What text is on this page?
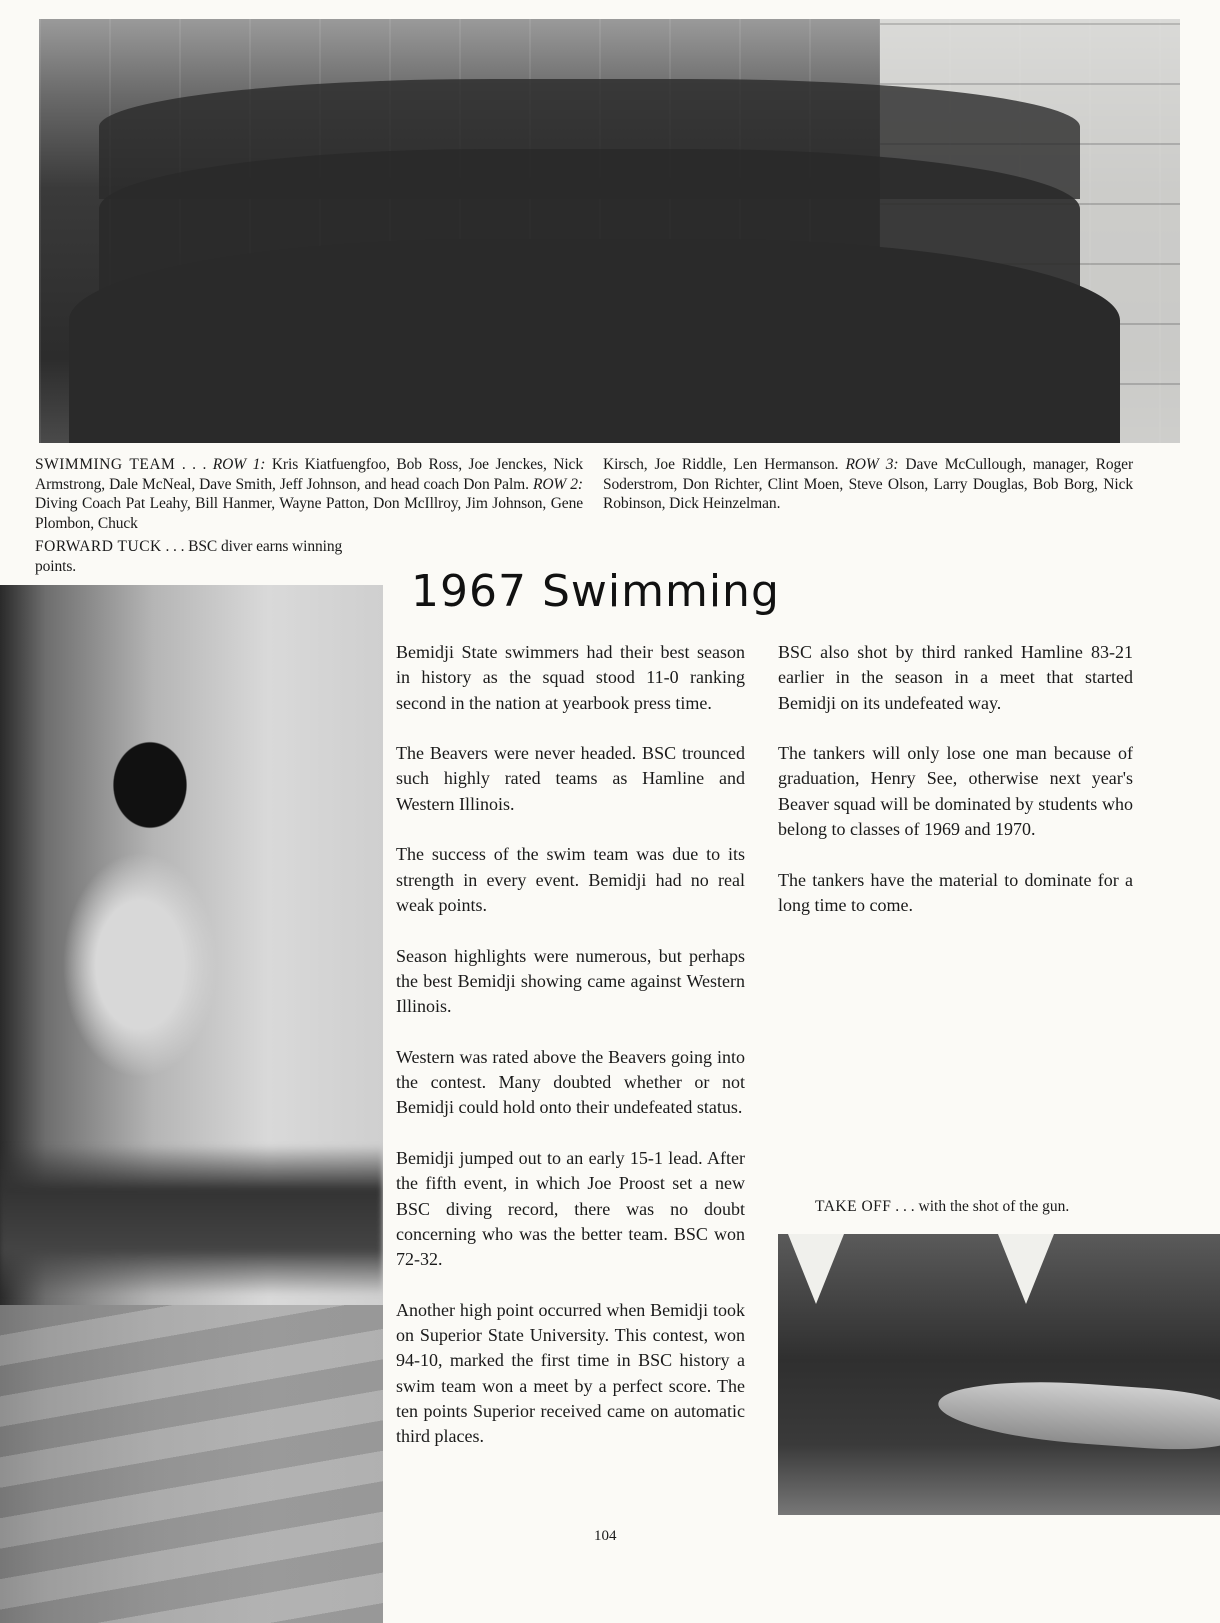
SWIMMING TEAM . . . ROW 1: Kris Kiatfuengfoo, Bob Ross, Joe Jenckes, Nick Armstrong, Dale McNeal, Dave Smith, Jeff Johnson, and head coach Don Palm. ROW 2: Diving Coach Pat Leahy, Bill Hanmer, Wayne Patton, Don McIllroy, Jim Johnson, Gene Plombon, Chuck
Kirsch, Joe Riddle, Len Hermanson. ROW 3: Dave McCullough, manager, Roger Soderstrom, Don Richter, Clint Moen, Steve Olson, Larry Douglas, Bob Borg, Nick Robinson, Dick Heinzelman.
FORWARD TUCK . . . BSC diver earns winning points.	1967 Swimming

Bemidji State swimmers had their best season in history as the squad stood 11-0 ranking second in the nation at yearbook press time.

The Beavers were never headed. BSC trounced such highly rated teams as Hamline and Western Illinois.

The success of the swim team was due to its strength in every event. Bemidji had no real weak points.

Season highlights were numerous, but perhaps the best Bemidji showing came against Western Illinois.

Western was rated above the Beavers going into the contest. Many doubted whether or not Bemidji could hold onto their undefeated status.

Bemidji jumped out to an early 15-1 lead. After the fifth event, in which Joe Proost set a new BSC diving record, there was no doubt concerning who was the better team. BSC won 72-32.

Another high point occurred when Bemidji took on Superior State University. This contest, won 94-10, marked the first time in BSC history a swim team won a meet by a perfect score. The ten points Superior received came on automatic third places.

BSC also shot by third ranked Hamline 83-21 earlier in the season in a meet that started Bemidji on its undefeated way.

The tankers will only lose one man because of graduation, Henry See, otherwise next year's Beaver squad will be dominated by students who belong to classes of 1969 and 1970.

The tankers have the material to dominate for a long time to come.

TAKE OFF . . . with the shot of the gun.
104
